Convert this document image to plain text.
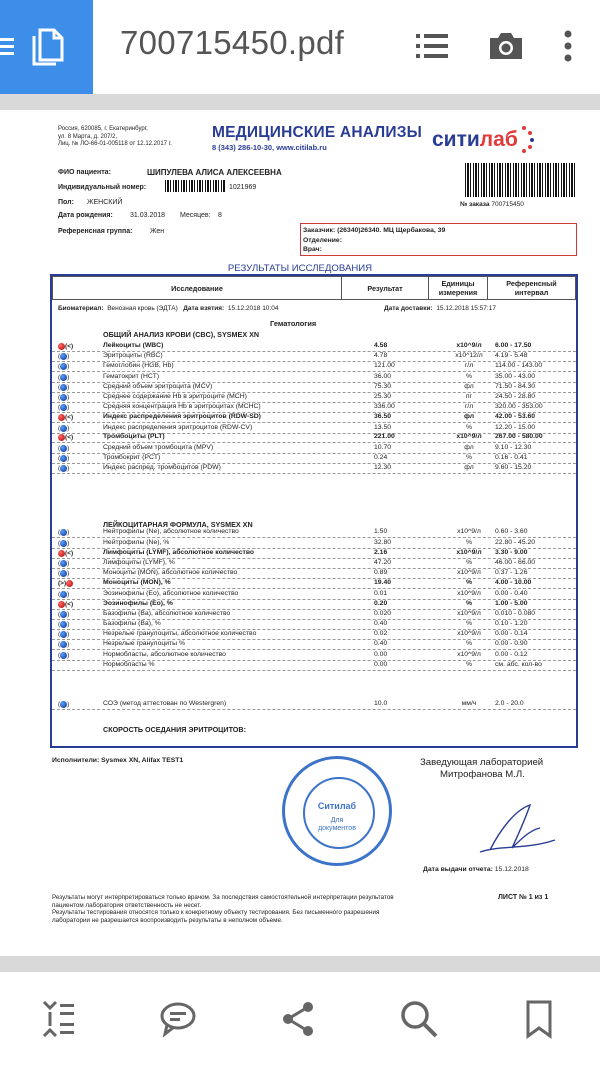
700715450.pdf
Россия, 620085, г. Екатеринбург,
ул. 8 Марта, д. 207/2,
Лиц. № ЛО-66-01-005118 от 12.12.2017 г.
МЕДИЦИНСКИЕ АНАЛИЗЫ
8 (343) 286-10-30, www.citilab.ru	ситилаб
ФИО пациента:	ШИПУЛЕВА АЛИСА АЛЕКСЕЕВНА
Индивидуальный номер:	1021969
Пол: ЖЕНСКИЙ
Дата рождения: 31.03.2018 Месяцев: 8
Референсная группа:	Жен
№ заказа 700715450
Заказчик: (26340)26340. МЦ Щербакова, 39
Отделение:
Врач:
РЕЗУЛЬТАТЫ ИССЛЕДОВАНИЯ
Исследование	Результат	Единицы
измерения	Референсный
интервал
Биоматериал: Венозная кровь (ЭДТА) Дата взятия: 15.12.2018 10:04	Дата доставки: 15.12.2018 15:57:17
Гематология
ОБЩИЙ АНАЛИЗ КРОВИ (CBC), SYSMEX XN
ЛЕЙКОЦИТАРНАЯ ФОРМУЛА, SYSMEX XN
СКОРОСТЬ ОСЕДАНИЯ ЭРИТРОЦИТОВ:
(<)	Лейкоциты (WBC)	4.58	x10^9/л	6.00 - 17.50
( )	Эритроциты (RBC)	4.78	x10^12/л	4.19 - 5.48
( )	Гемоглобин (HGB, Hb)	121.00	г/л	114.00 - 143.00
( )	Гематокрит (HCT)	36.00	%	35.00 - 43.00
( )	Средний объем эритроцита (MCV)	75.30	фл	71.50 - 84.30
( )	Среднее содержание Hb в эритроците (MCH)	25.30	пг	24.50 - 28.80
( )	Средняя концентрация Hb в эритроцитах (MCHC)	336.00	г/л	320.00 - 353.00
(<)	Индекс распределения эритроцитов (RDW-SD)	36.50	фл	42.00 - 53.60
( )	Индекс распределения эритроцитов (RDW-CV)	13.50	%	12.20 - 15.00
(<)	Тромбоциты (PLT)	221.00	x10^9/л	267.00 - 580.00
( )	Средний объем тромбоцита (MPV)	10.70	фл	9.10 - 12.30
( )	Тромбокрит (PCT)	0.24	%	0.16 - 0.41
( )	Индекс распред. тромбоцитов (PDW)	12.30	фл	9.60 - 15.20
( )	Нейтрофилы (Ne), абсолютное количество	1.50	x10^9/л	0.60 - 3.60
( )	Нейтрофилы (Ne), %	32.80	%	22.80 - 45.20
(<)	Лимфоциты (LYMF), абсолютное количество	2.16	x10^9/л	3.30 - 9.00
( )	Лимфоциты (LYMF), %	47.20	%	46.00 - 66.00
( )	Моноциты (MON), абсолютное количество	0.89	x10^9/л	0.37 - 1.26
(>)	Моноциты (MON), %	19.40	%	4.00 - 10.00
( )	Эозинофилы (Eo), абсолютное количество	0.01	x10^9/л	0.00 - 0.40
(<)	Эозинофилы (Eo), %	0.20	%	1.00 - 5.00
( )	Базофилы (Ba), абсолютное количество	0.020	x10^9/л	0.010 - 0.080
( )	Базофилы (Ba), %	0.40	%	0.10 - 1.20
( )	Незрелые гранулоциты, абсолютное количество	0.02	x10^9/л	0.00 - 0.14
( )	Незрелые гранулоциты %	0.40	%	0.00 - 0.90
( )	Нормобласты, абсолютное количество	0.00	x10^9/л	0.00 - 0.12
Нормобласты %	0.00	%	см. абс. кол-во
( )	СОЭ (метод аттестован по Westergren)	10.0	мм/ч	2.0 - 20.0
Исполнители: Sysmex XN, Alifax TEST1	Заведующая лабораторией
Митрофанова М.Л.
Ситилаб
Для
документов
Дата выдачи отчета: 15.12.2018
Результаты могут интерпретироваться только врачом. За последствия самостоятельной интерпретации результатов
пациентом лаборатория ответственность не несет.
Результаты тестирования относятся только к конкретному объекту тестирования. Без письменного разрешения
лаборатории не разрешается воспроизводить результаты в неполном объеме.
ЛИСТ № 1 из 1
